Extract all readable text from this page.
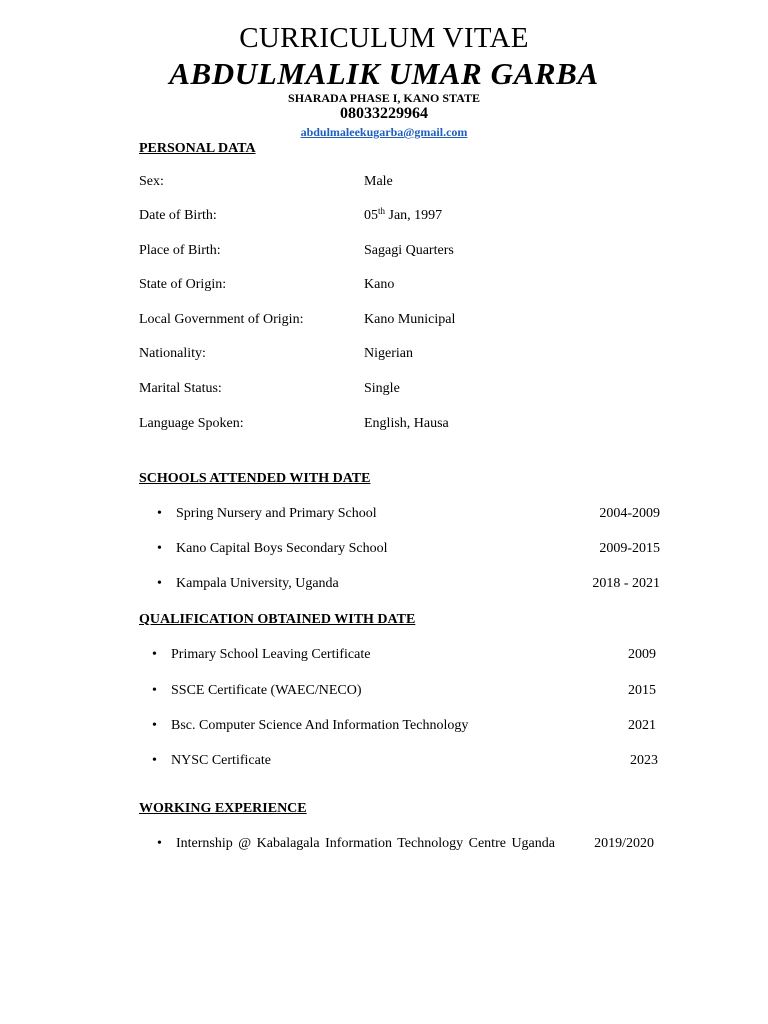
CURRICULUM VITAE
ABDULMALIK UMAR GARBA
SHARADA PHASE I, KANO STATE
08033229964
abdulmaleekugarba@gmail.com
PERSONAL DATA
Sex:	Male
Date of Birth:	05th Jan, 1997
Place of Birth:	Sagagi Quarters
State of Origin:	Kano
Local Government of Origin:	Kano Municipal
Nationality:	Nigerian
Marital Status:	Single
Language Spoken:	English, Hausa
SCHOOLS ATTENDED WITH DATE
• Spring Nursery and Primary School	2004-2009
• Kano Capital Boys Secondary School	2009-2015
• Kampala University, Uganda	2018 - 2021
QUALIFICATION OBTAINED WITH DATE
• Primary School Leaving Certificate	2009
• SSCE Certificate (WAEC/NECO)	2015
• Bsc. Computer Science And Information Technology	2021
• NYSC Certificate	2023
WORKING EXPERIENCE
• Internship @ Kabalagala Information Technology Centre Uganda	2019/2020
